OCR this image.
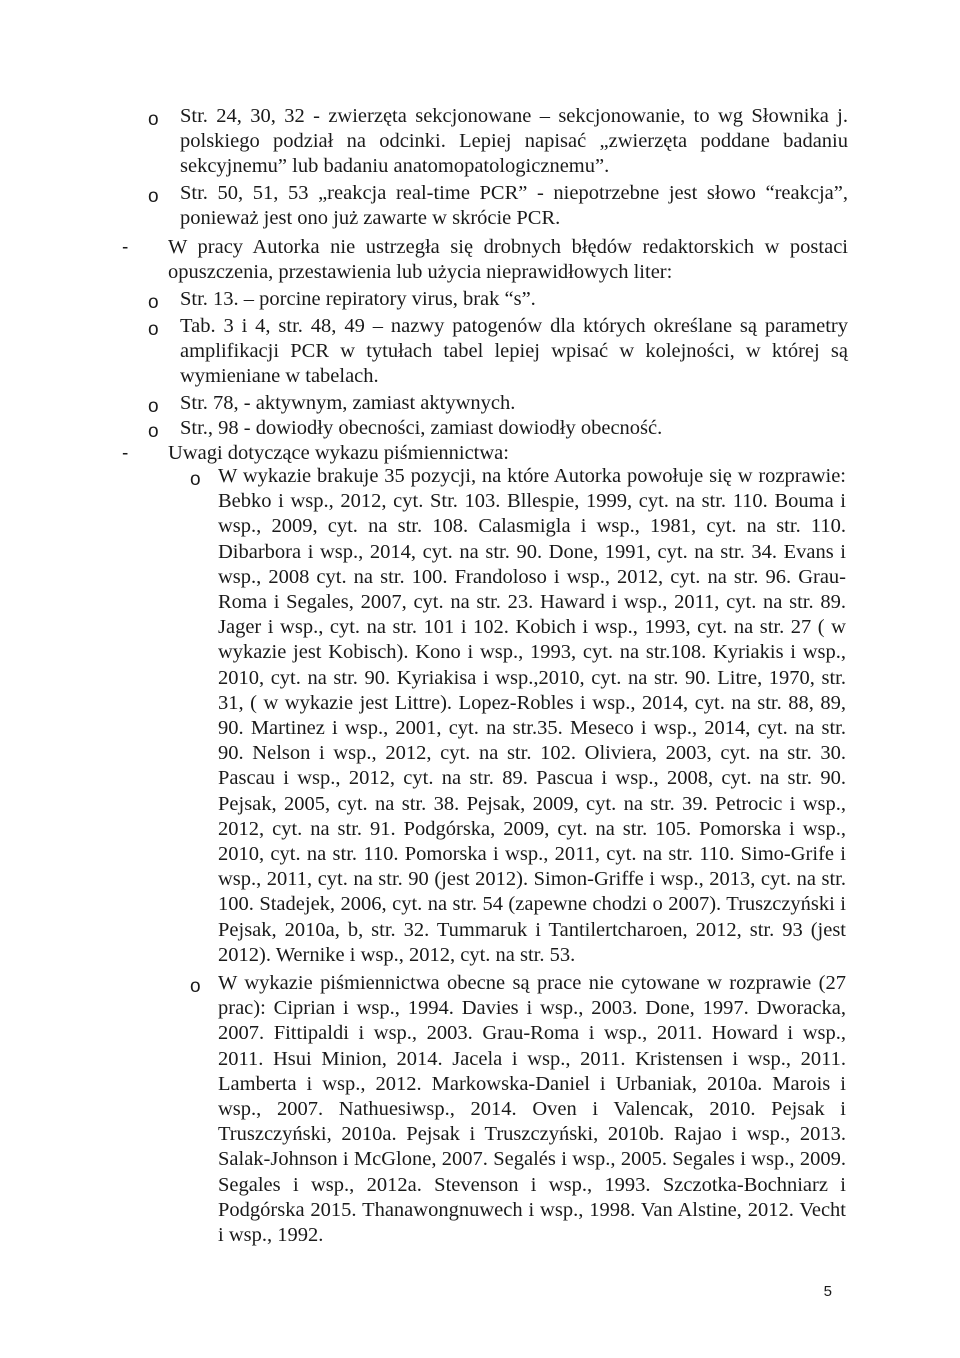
o Str. 24, 30, 32 - zwierzęta sekcjonowane – sekcjonowanie, to wg Słownika j. polskiego podział na odcinki. Lepiej napisać „zwierzęta poddane badaniu sekcyjnemu” lub badaniu anatomopatologicznemu”.

o Str. 50, 51, 53 „reakcja real-time PCR” - niepotrzebne jest słowo “reakcja”, ponieważ jest ono już zawarte w skrócie PCR.

- W pracy Autorka nie ustrzegła się drobnych błędów redaktorskich w postaci opuszczenia, przestawienia lub użycia nieprawidłowych liter:

o Str. 13. – porcine repiratory virus, brak “s”.

o Tab. 3 i 4, str. 48, 49 – nazwy patogenów dla których określane są parametry amplifikacji PCR w tytułach tabel lepiej wpisać w kolejności, w której są wymieniane w tabelach.

o Str. 78, - aktywnym, zamiast aktywnych.

o Str., 98 - dowiodły obecności, zamiast dowiodły obecność.

- Uwagi dotyczące wykazu piśmiennictwa:

o W wykazie brakuje 35 pozycji, na które Autorka powołuje się w rozprawie: Bebko i wsp., 2012, cyt. Str. 103. Bllespie, 1999, cyt. na str. 110. Bouma i wsp., 2009, cyt. na str. 108. Calasmigla i wsp., 1981, cyt. na str. 110. Dibarbora i wsp., 2014, cyt. na str. 90. Done, 1991, cyt. na str. 34. Evans i wsp., 2008 cyt. na str. 100. Frandoloso i wsp., 2012, cyt. na str. 96. Grau-Roma i Segales, 2007, cyt. na str. 23. Haward i wsp., 2011, cyt. na str. 89. Jager i wsp., cyt. na str. 101 i 102. Kobich i wsp., 1993, cyt. na str. 27 ( w wykazie jest Kobisch). Kono i wsp., 1993, cyt. na str.108. Kyriakis i wsp., 2010, cyt. na str. 90. Kyriakisa i wsp.,2010, cyt. na str. 90. Litre, 1970, str. 31, ( w wykazie jest Littre). Lopez-Robles i wsp., 2014, cyt. na str. 88, 89, 90. Martinez i wsp., 2001, cyt. na str.35. Meseco i wsp., 2014, cyt. na str. 90. Nelson i wsp., 2012, cyt. na str. 102. Oliviera, 2003, cyt. na str. 30. Pascau i wsp., 2012, cyt. na str. 89. Pascua i wsp., 2008, cyt. na str. 90. Pejsak, 2005, cyt. na str. 38. Pejsak, 2009, cyt. na str. 39. Petrocic i wsp., 2012, cyt. na str. 91. Podgórska, 2009, cyt. na str. 105. Pomorska i wsp., 2010, cyt. na str. 110. Pomorska i wsp., 2011, cyt. na str. 110. Simo-Grife i wsp., 2011, cyt. na str. 90 (jest 2012). Simon-Griffe i wsp., 2013, cyt. na str. 100. Stadejek, 2006, cyt. na str. 54 (zapewne chodzi o 2007). Truszczyński i Pejsak, 2010a, b, str. 32. Tummaruk i Tantilertcharoen, 2012, str. 93 (jest 2012). Wernike i wsp., 2012, cyt. na str. 53.

o W wykazie piśmiennictwa obecne są prace nie cytowane w rozprawie (27 prac): Ciprian i wsp., 1994. Davies i wsp., 2003. Done, 1997. Dworacka, 2007. Fittipaldi i wsp., 2003. Grau-Roma i wsp., 2011. Howard i wsp., 2011. Hsui Minion, 2014. Jacela i wsp., 2011. Kristensen i wsp., 2011. Lamberta i wsp., 2012. Markowska-Daniel i Urbaniak, 2010a. Marois i wsp., 2007. Nathuesiwsp., 2014. Oven i Valencak, 2010. Pejsak i Truszczyński, 2010a. Pejsak i Truszczyński, 2010b. Rajao i wsp., 2013. Salak-Johnson i McGlone, 2007. Segalés i wsp., 2005. Segales i wsp., 2009. Segales i wsp., 2012a. Stevenson i wsp., 1993. Szczotka-Bochniarz i Podgórska 2015. Thanawongnuwech i wsp., 1998. Van Alstine, 2012. Vecht i wsp., 1992.

5
